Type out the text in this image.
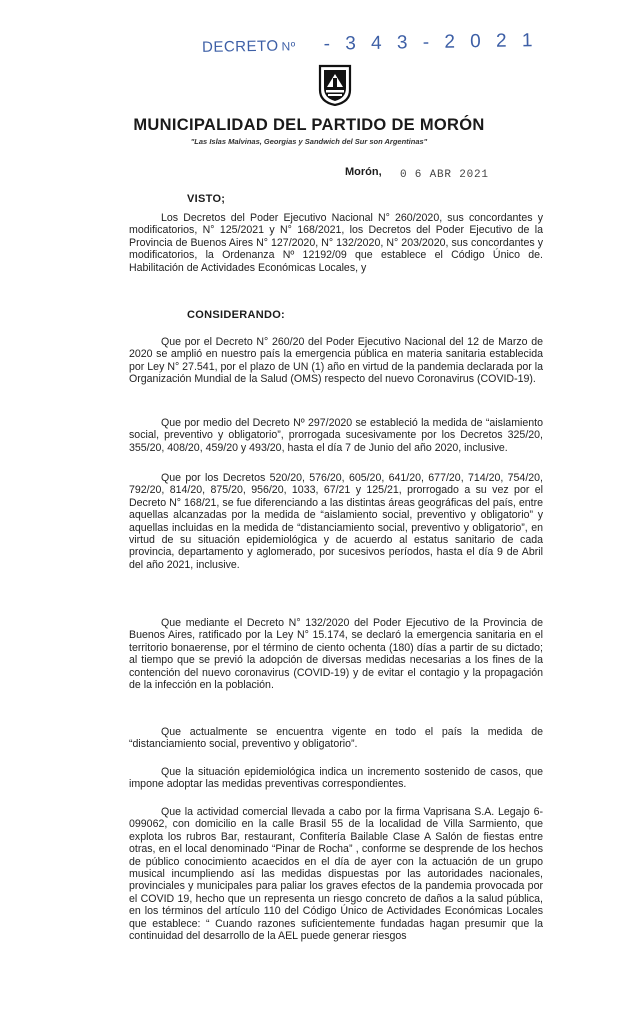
DECRETO Nº - 3 4 3 - 2 0 2 1
MUNICIPALIDAD DEL PARTIDO DE MORÓN
"Las Islas Malvinas, Georgias y Sandwich del Sur son Argentinas"
Morón, 0 6 ABR 2021
VISTO;

Los Decretos del Poder Ejecutivo Nacional N° 260/2020, sus concordantes y modificatorios, N° 125/2021 y N° 168/2021, los Decretos del Poder Ejecutivo de la Provincia de Buenos Aires N° 127/2020, N° 132/2020, N° 203/2020, sus concordantes y modificatorios, la Ordenanza Nº 12192/09 que establece el Código Único de. Habilitación de Actividades Económicas Locales, y

CONSIDERANDO:

Que por el Decreto N° 260/20 del Poder Ejecutivo Nacional del 12 de Marzo de 2020 se amplió en nuestro país la emergencia pública en materia sanitaria establecida por Ley N° 27.541, por el plazo de UN (1) año en virtud de la pandemia declarada por la Organización Mundial de la Salud (OMS) respecto del nuevo Coronavirus (COVID-19).

Que por medio del Decreto Nº 297/2020 se estableció la medida de “aislamiento social, preventivo y obligatorio”, prorrogada sucesivamente por los Decretos 325/20, 355/20, 408/20, 459/20 y 493/20, hasta el día 7 de Junio del año 2020, inclusive.

Que por los Decretos 520/20, 576/20, 605/20, 641/20, 677/20, 714/20, 754/20, 792/20, 814/20, 875/20, 956/20, 1033, 67/21 y 125/21, prorrogado a su vez por el Decreto N° 168/21, se fue diferenciando a las distintas áreas geográficas del país, entre aquellas alcanzadas por la medida de “aislamiento social, preventivo y obligatorio” y aquellas incluidas en la medida de “distanciamiento social, preventivo y obligatorio”, en virtud de su situación epidemiológica y de acuerdo al estatus sanitario de cada provincia, departamento y aglomerado, por sucesivos períodos, hasta el día 9 de Abril del año 2021, inclusive.

Que mediante el Decreto N° 132/2020 del Poder Ejecutivo de la Provincia de Buenos Aires, ratificado por la Ley N° 15.174, se declaró la emergencia sanitaria en el territorio bonaerense, por el término de ciento ochenta (180) días a partir de su dictado; al tiempo que se previó la adopción de diversas medidas necesarias a los fines de la contención del nuevo coronavirus (COVID-19) y de evitar el contagio y la propagación de la infección en la población.

Que actualmente se encuentra vigente en todo el país la medida de “distanciamiento social, preventivo y obligatorio”.

Que la situación epidemiológica indica un incremento sostenido de casos, que impone adoptar las medidas preventivas correspondientes.

Que la actividad comercial llevada a cabo por la firma Vaprisana S.A. Legajo 6-099062, con domicilio en la calle Brasil 55 de la localidad de Villa Sarmiento, que explota los rubros Bar, restaurant, Confitería Bailable Clase A Salón de fiestas entre otras, en el local denominado “Pinar de Rocha” , conforme se desprende de los hechos de público conocimiento acaecidos en el día de ayer con la actuación de un grupo musical incumpliendo así las medidas dispuestas por las autoridades nacionales, provinciales y municipales para paliar los graves efectos de la pandemia provocada por el COVID 19, hecho que un representa un riesgo concreto de daños a la salud pública, en los términos del artículo 110 del Código Único de Actividades Económicas Locales que establece: “ Cuando razones suficientemente fundadas hagan presumir que la continuidad del desarrollo de la AEL puede generar riesgos
